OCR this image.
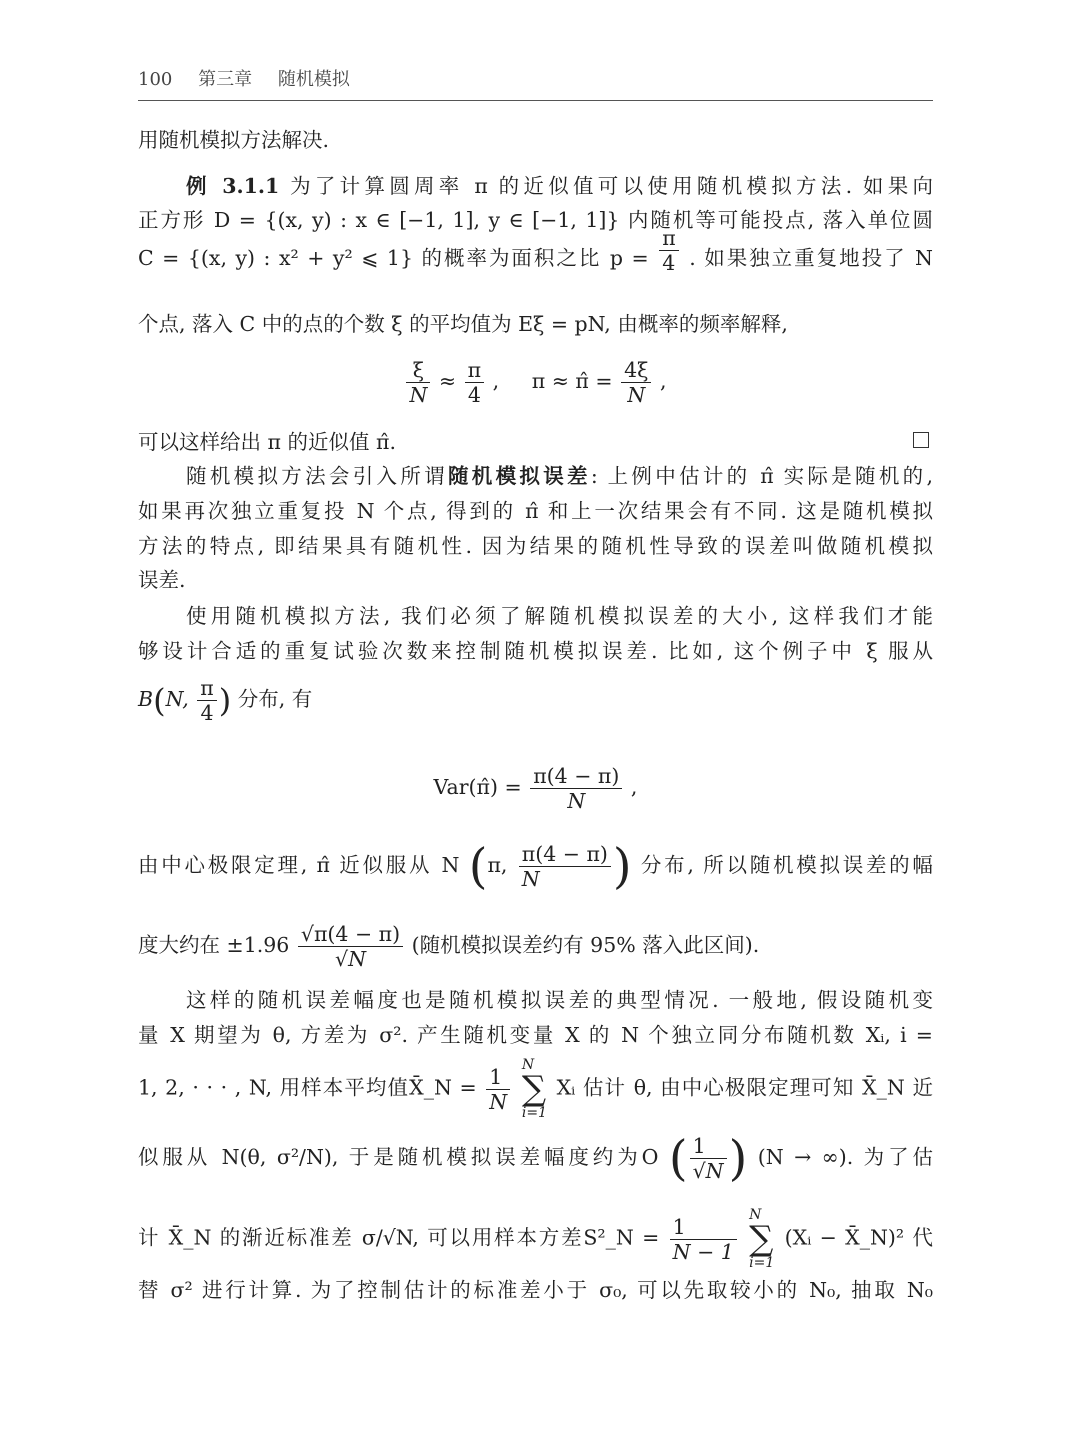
100 第三章 随机模拟
用随机模拟方法解决.
例 3.1.1 为了计算圆周率 π 的近似值可以使用随机模拟方法. 如果向
正方形 D = {(x, y) : x ∈ [−1, 1], y ∈ [−1, 1]} 内随机等可能投点, 落入单位圆
C = {(x, y) : x² + y² ⩽ 1} 的概率为面积之比 $p = \frac{\pi}{4}$ . 如果独立重复地投了 N
个点, 落入 C 中的点的个数 ξ 的平均值为 Eξ = pN, 由概率的频率解释,
$\frac{\xi}{N} \approx \frac{\pi}{4}$ ,     π ≈ π̂ = $\frac{4\xi}{N}$ ,
可以这样给出 π 的近似值 π̂.
随机模拟方法会引入所谓随机模拟误差: 上例中估计的 π̂ 实际是随机的,
如果再次独立重复投 N 个点, 得到的 π̂ 和上一次结果会有不同. 这是随机模拟
方法的特点, 即结果具有随机性. 因为结果的随机性导致的误差叫做随机模拟
误差.
使用随机模拟方法, 我们必须了解随机模拟误差的大小, 这样我们才能
够设计合适的重复试验次数来控制随机模拟误差. 比如, 这个例子中 ξ 服从
B(N, $\frac{\pi}{4}$ ) 分布, 有
Var(π̂) = $\frac{\pi(4 - \pi)}{N}$ ,
由中心极限定理, π̂ 近似服从 N (π, $\frac{\pi(4 - \pi)}{N}$ ) 分布, 所以随机模拟误差的幅
度大约在 $\pm 1.96 \frac{√\pi(4 - \pi)}{√N}$ (随机模拟误差约有 95% 落入此区间).
这样的随机误差幅度也是随机模拟误差的典型情况. 一般地, 假设随机变
量 X 期望为 θ, 方差为 σ². 产生随机变量 X 的 N 个独立同分布随机数 Xᵢ, i =
1, 2, · · · , N, 用样本平均值X̄_N = $\frac{1}{N}$
N
∑
i=1
Xᵢ 估计 θ, 由中心极限定理可知 X̄_N 近
似服从 N(θ, σ²/N), 于是随机模拟误差幅度约为O ( $\frac{1}{√N}$ ) (N → ∞). 为了估
计 X̄_N 的渐近标准差 σ/√N, 可以用样本方差S²_N = $\frac{1}{N - 1}$
N
∑
i=1
(Xᵢ − X̄_N)² 代
替 σ² 进行计算. 为了控制估计的标准差小于 σ₀, 可以先取较小的 N₀, 抽取 N₀
